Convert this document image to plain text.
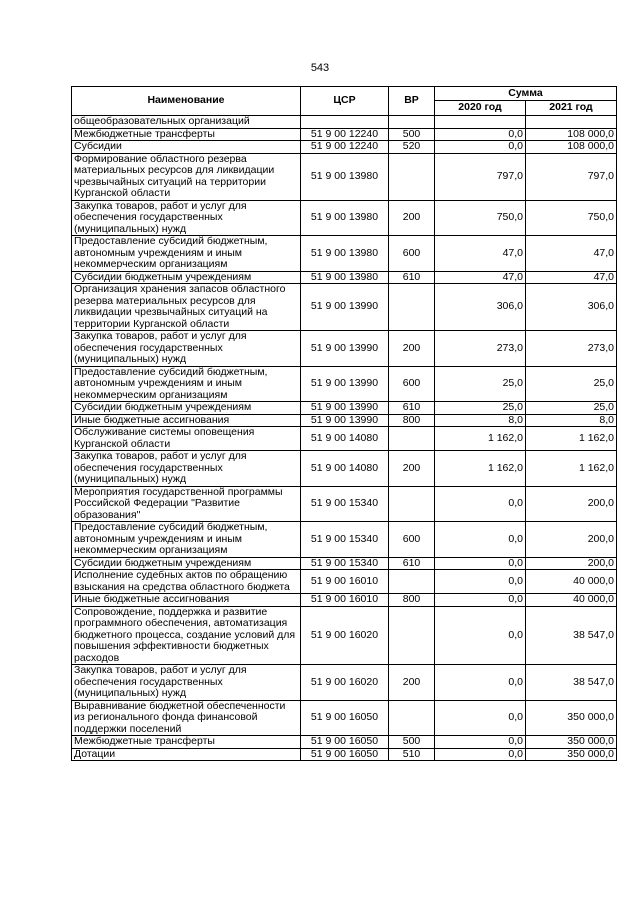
543
Наименование	ЦСР	ВР	Сумма	
			2020 год	2021 год
общеобразовательных организаций				
Межбюджетные трансферты	51 9 00 12240	500	0,0	108 000,0
Субсидии	51 9 00 12240	520	0,0	108 000,0
Формирование областного резерва материальных ресурсов для ликвидации чрезвычайных ситуаций на территории Курганской области	51 9 00 13980		797,0	797,0
Закупка товаров, работ и услуг для обеспечения государственных (муниципальных) нужд	51 9 00 13980	200	750,0	750,0
Предоставление субсидий бюджетным, автономным учреждениям и иным некоммерческим организациям	51 9 00 13980	600	47,0	47,0
Субсидии бюджетным учреждениям	51 9 00 13980	610	47,0	47,0
Организация хранения запасов областного резерва материальных ресурсов для ликвидации чрезвычайных ситуаций на территории Курганской области	51 9 00 13990		306,0	306,0
Закупка товаров, работ и услуг для обеспечения государственных (муниципальных) нужд	51 9 00 13990	200	273,0	273,0
Предоставление субсидий бюджетным, автономным учреждениям и иным некоммерческим организациям	51 9 00 13990	600	25,0	25,0
Субсидии бюджетным учреждениям	51 9 00 13990	610	25,0	25,0
Иные бюджетные ассигнования	51 9 00 13990	800	8,0	8,0
Обслуживание системы оповещения Курганской области	51 9 00 14080		1 162,0	1 162,0
Закупка товаров, работ и услуг для обеспечения государственных (муниципальных) нужд	51 9 00 14080	200	1 162,0	1 162,0
Мероприятия государственной программы Российской Федерации "Развитие образования"	51 9 00 15340		0,0	200,0
Предоставление субсидий бюджетным, автономным учреждениям и иным некоммерческим организациям	51 9 00 15340	600	0,0	200,0
Субсидии бюджетным учреждениям	51 9 00 15340	610	0,0	200,0
Исполнение судебных актов по обращению взыскания на средства областного бюджета	51 9 00 16010		0,0	40 000,0
Иные бюджетные ассигнования	51 9 00 16010	800	0,0	40 000,0
Сопровождение, поддержка и развитие программного обеспечения, автоматизация бюджетного процесса, создание условий для повышения эффективности бюджетных расходов	51 9 00 16020		0,0	38 547,0
Закупка товаров, работ и услуг для обеспечения государственных (муниципальных) нужд	51 9 00 16020	200	0,0	38 547,0
Выравнивание бюджетной обеспеченности из регионального фонда финансовой поддержки поселений	51 9 00 16050		0,0	350 000,0
Межбюджетные трансферты	51 9 00 16050	500	0,0	350 000,0
Дотации	51 9 00 16050	510	0,0	350 000,0
